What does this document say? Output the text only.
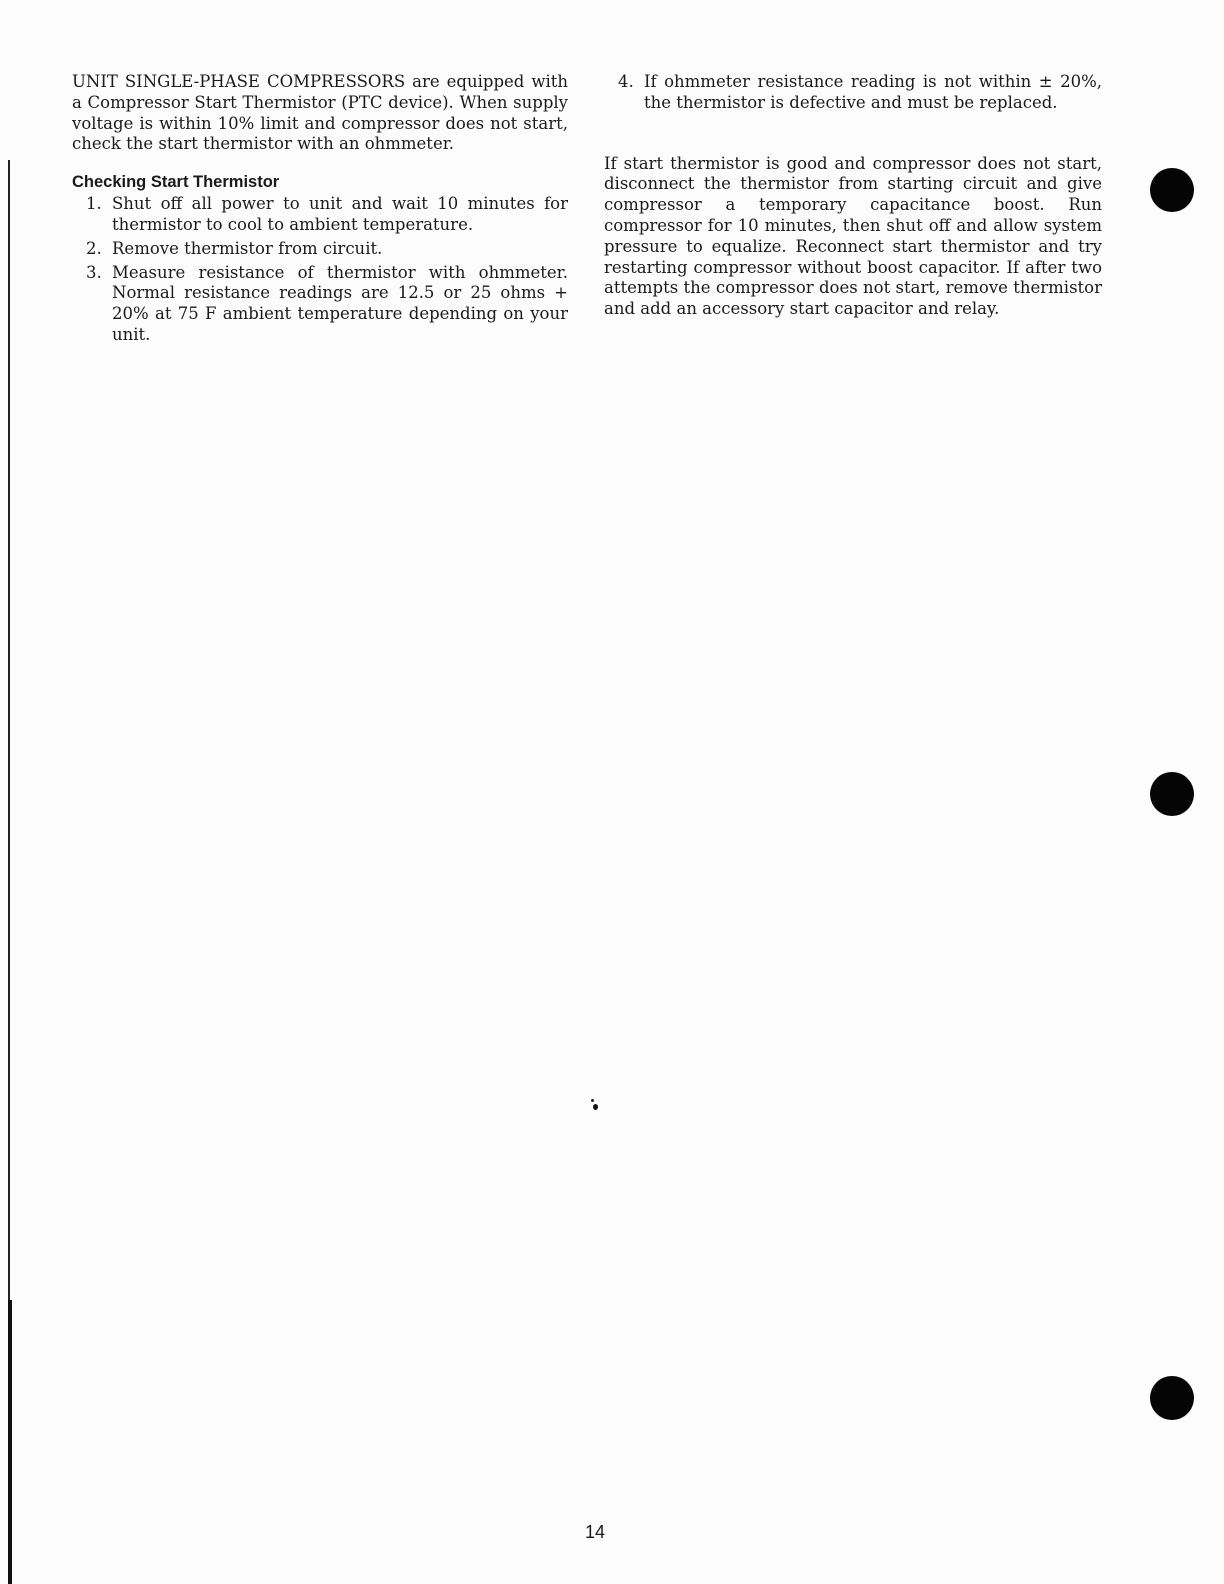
UNIT SINGLE-PHASE COMPRESSORS are equipped with a Compressor Start Thermistor (PTC device). When supply voltage is within 10% limit and compressor does not start, check the start thermistor with an ohmmeter.

Checking Start Thermistor
1. Shut off all power to unit and wait 10 minutes for thermistor to cool to ambient temperature.
2. Remove thermistor from circuit.
3. Measure resistance of thermistor with ohmmeter. Normal resistance readings are 12.5 or 25 ohms + 20% at 75 F ambient temperature depending on your unit.
4. If ohmmeter resistance reading is not within ± 20%, the thermistor is defective and must be replaced.

If start thermistor is good and compressor does not start, disconnect the thermistor from starting circuit and give compressor a temporary capacitance boost. Run compressor for 10 minutes, then shut off and allow system pressure to equalize. Reconnect start thermistor and try restarting compressor without boost capacitor. If after two attempts the compressor does not start, remove thermistor and add an accessory start capacitor and relay.

14
